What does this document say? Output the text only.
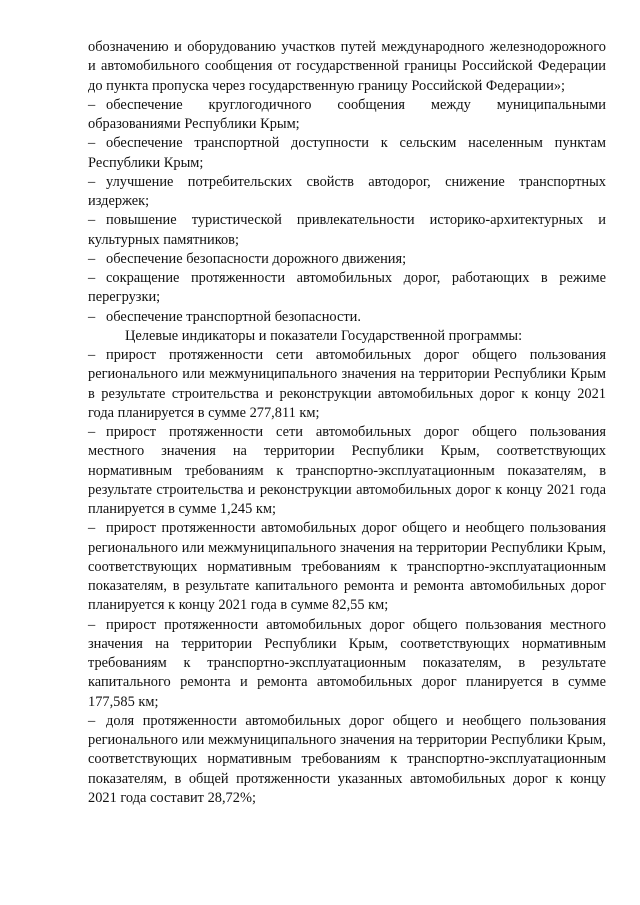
обозначению и оборудованию участков путей международного железнодорожного и автомобильного сообщения от государственной границы Российской Федерации до пункта пропуска через государственную границу Российской Федерации»;

– обеспечение круглогодичного сообщения между муниципальными образованиями Республики Крым;

– обеспечение транспортной доступности к сельским населенным пунктам Республики Крым;

– улучшение потребительских свойств автодорог, снижение транспортных издержек;

– повышение туристической привлекательности историко-архитектурных и культурных памятников;

– обеспечение безопасности дорожного движения;

– сокращение протяженности автомобильных дорог, работающих в режиме перегрузки;

– обеспечение транспортной безопасности.

Целевые индикаторы и показатели Государственной программы:

– прирост протяженности сети автомобильных дорог общего пользования регионального или межмуниципального значения на территории Республики Крым в результате строительства и реконструкции автомобильных дорог к концу 2021 года планируется в сумме 277,811 км;

– прирост протяженности сети автомобильных дорог общего пользования местного значения на территории Республики Крым, соответствующих нормативным требованиям к транспортно-эксплуатационным показателям, в результате строительства и реконструкции автомобильных дорог к концу 2021 года планируется в сумме 1,245 км;

– прирост протяженности автомобильных дорог общего и необщего пользования регионального или межмуниципального значения на территории Республики Крым, соответствующих нормативным требованиям к транспортно-эксплуатационным показателям, в результате капитального ремонта и ремонта автомобильных дорог планируется к концу 2021 года в сумме 82,55 км;

– прирост протяженности автомобильных дорог общего пользования местного значения на территории Республики Крым, соответствующих нормативным требованиям к транспортно-эксплуатационным показателям, в результате капитального ремонта и ремонта автомобильных дорог планируется в сумме 177,585 км;

– доля протяженности автомобильных дорог общего и необщего пользования регионального или межмуниципального значения на территории Республики Крым, соответствующих нормативным требованиям к транспортно-эксплуатационным показателям, в общей протяженности указанных автомобильных дорог к концу 2021 года составит 28,72%;
